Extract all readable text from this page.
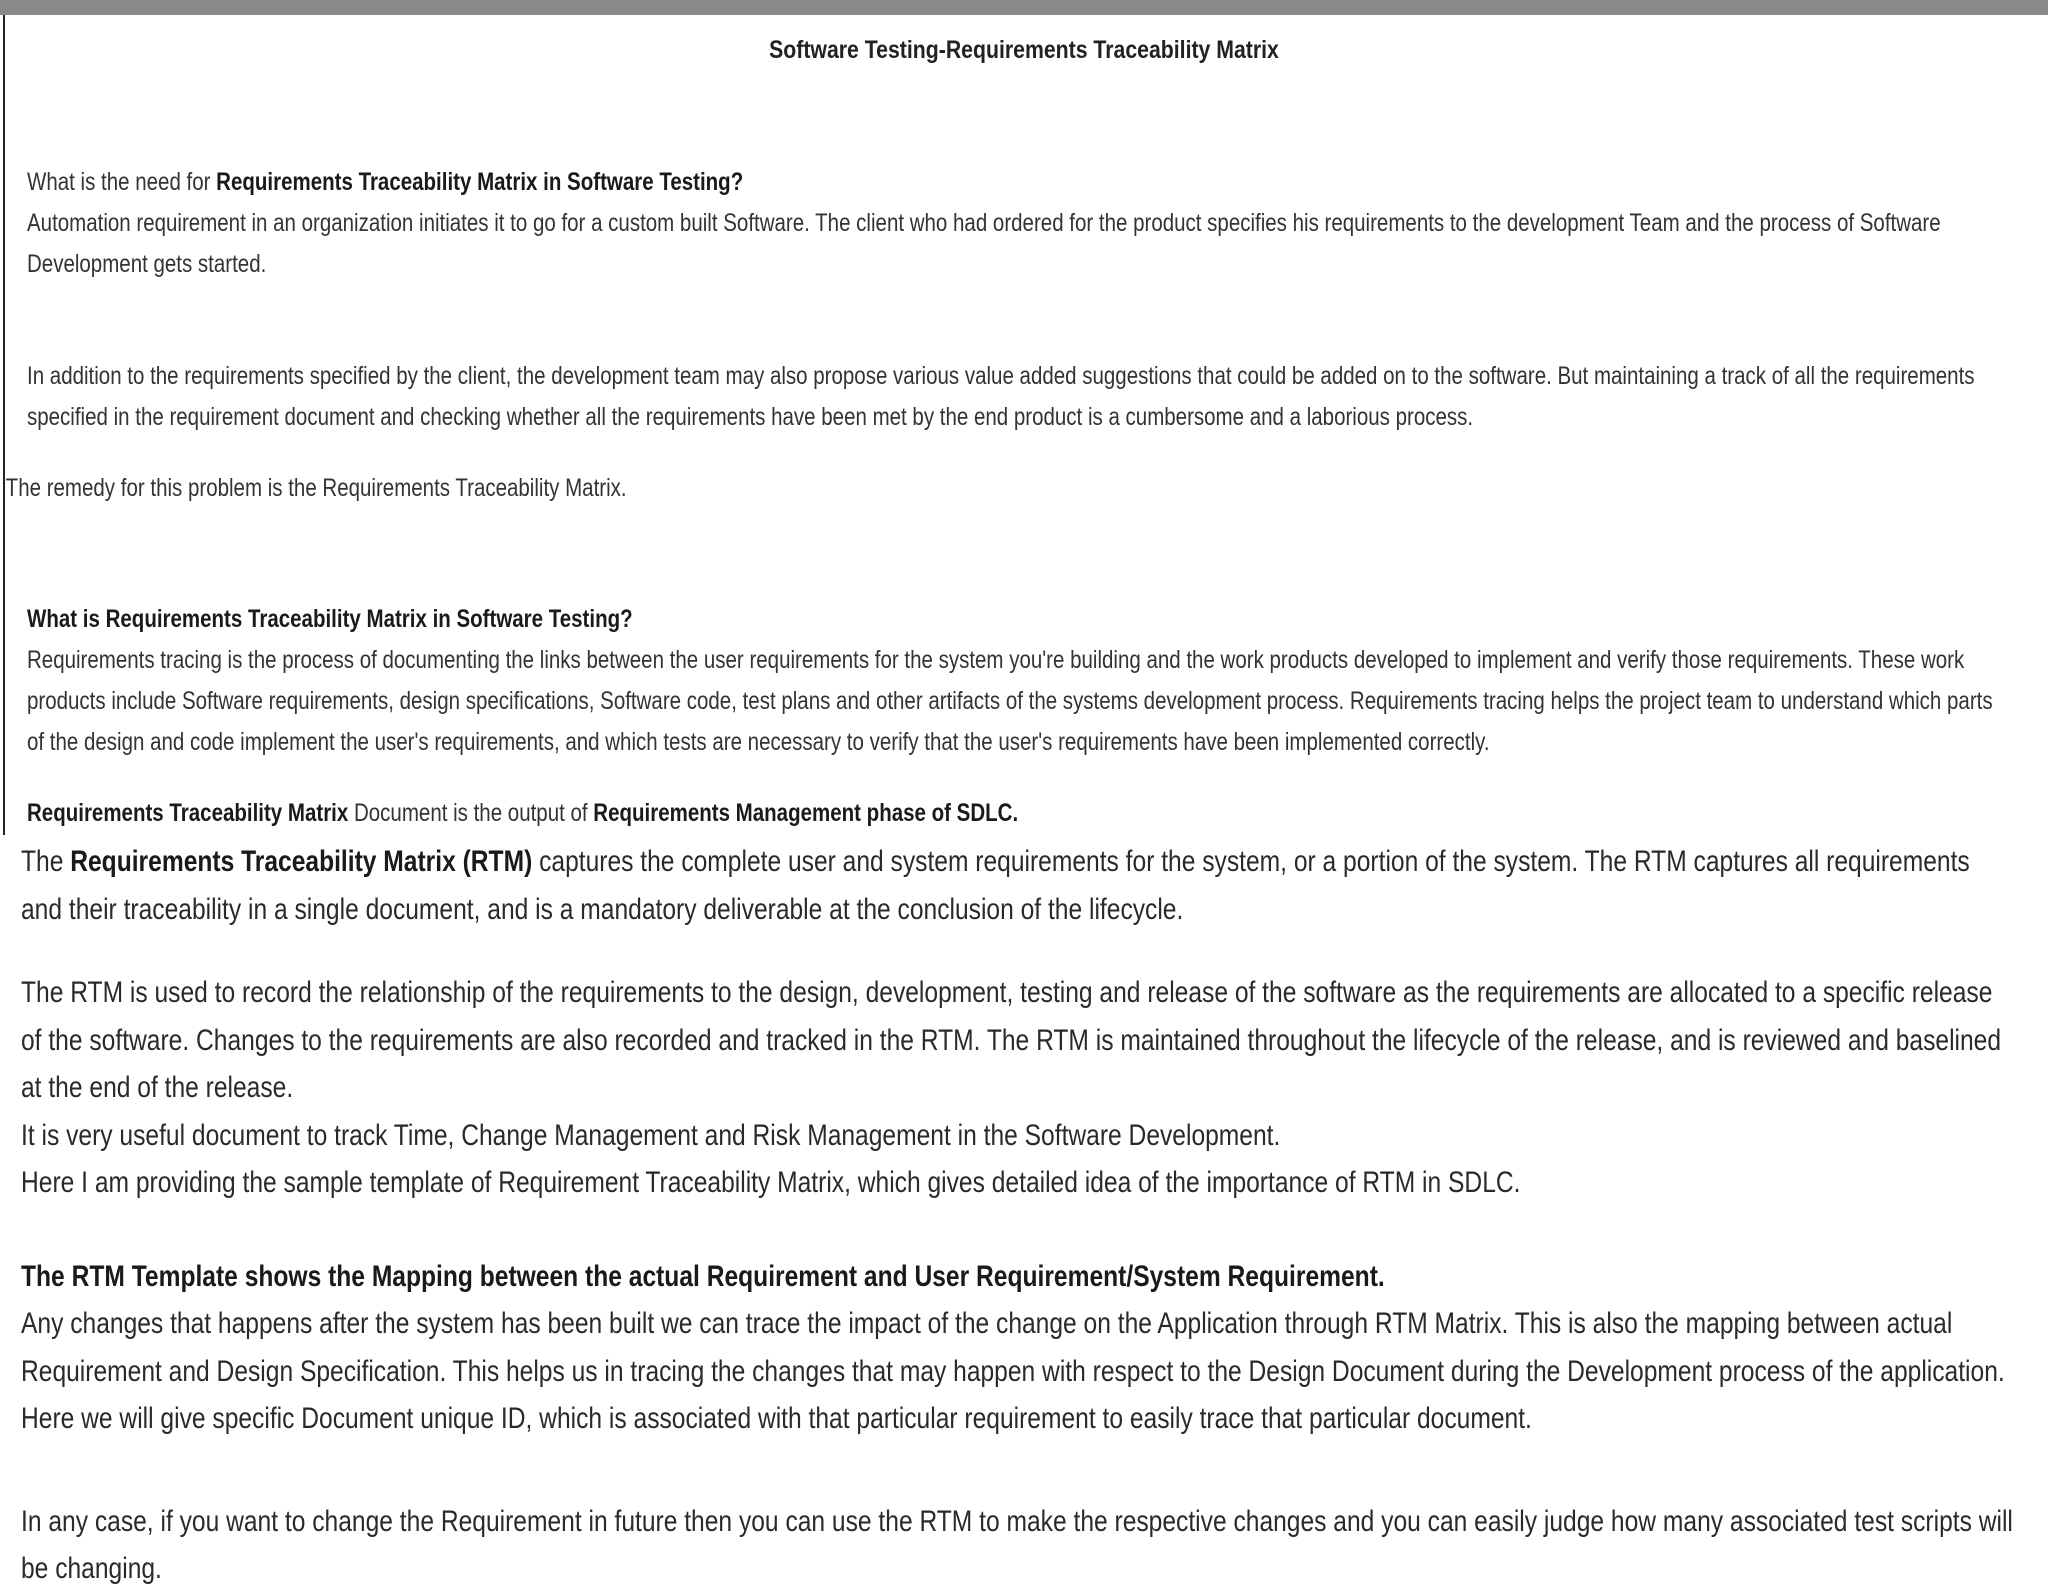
Software Testing-Requirements Traceability Matrix

What is the need for Requirements Traceability Matrix in Software Testing?

Automation requirement in an organization initiates it to go for a custom built Software. The client who had ordered for the product specifies his requirements to the development Team and the process of Software Development gets started.

In addition to the requirements specified by the client, the development team may also propose various value added suggestions that could be added on to the software. But maintaining a track of all the requirements specified in the requirement document and checking whether all the requirements have been met by the end product is a cumbersome and a laborious process.

The remedy for this problem is the Requirements Traceability Matrix.

What is Requirements Traceability Matrix in Software Testing?

Requirements tracing is the process of documenting the links between the user requirements for the system you're building and the work products developed to implement and verify those requirements. These work products include Software requirements, design specifications, Software code, test plans and other artifacts of the systems development process. Requirements tracing helps the project team to understand which parts of the design and code implement the user's requirements, and which tests are necessary to verify that the user's requirements have been implemented correctly.

Requirements Traceability Matrix Document is the output of Requirements Management phase of SDLC.

The Requirements Traceability Matrix (RTM) captures the complete user and system requirements for the system, or a portion of the system. The RTM captures all requirements and their traceability in a single document, and is a mandatory deliverable at the conclusion of the lifecycle.

The RTM is used to record the relationship of the requirements to the design, development, testing and release of the software as the requirements are allocated to a specific release of the software. Changes to the requirements are also recorded and tracked in the RTM. The RTM is maintained throughout the lifecycle of the release, and is reviewed and baselined at the end of the release.

It is very useful document to track Time, Change Management and Risk Management in the Software Development.

Here I am providing the sample template of Requirement Traceability Matrix, which gives detailed idea of the importance of RTM in SDLC.

The RTM Template shows the Mapping between the actual Requirement and User Requirement/System Requirement.

Any changes that happens after the system has been built we can trace the impact of the change on the Application through RTM Matrix. This is also the mapping between actual Requirement and Design Specification. This helps us in tracing the changes that may happen with respect to the Design Document during the Development process of the application. Here we will give specific Document unique ID, which is associated with that particular requirement to easily trace that particular document.

In any case, if you want to change the Requirement in future then you can use the RTM to make the respective changes and you can easily judge how many associated test scripts will be changing.
